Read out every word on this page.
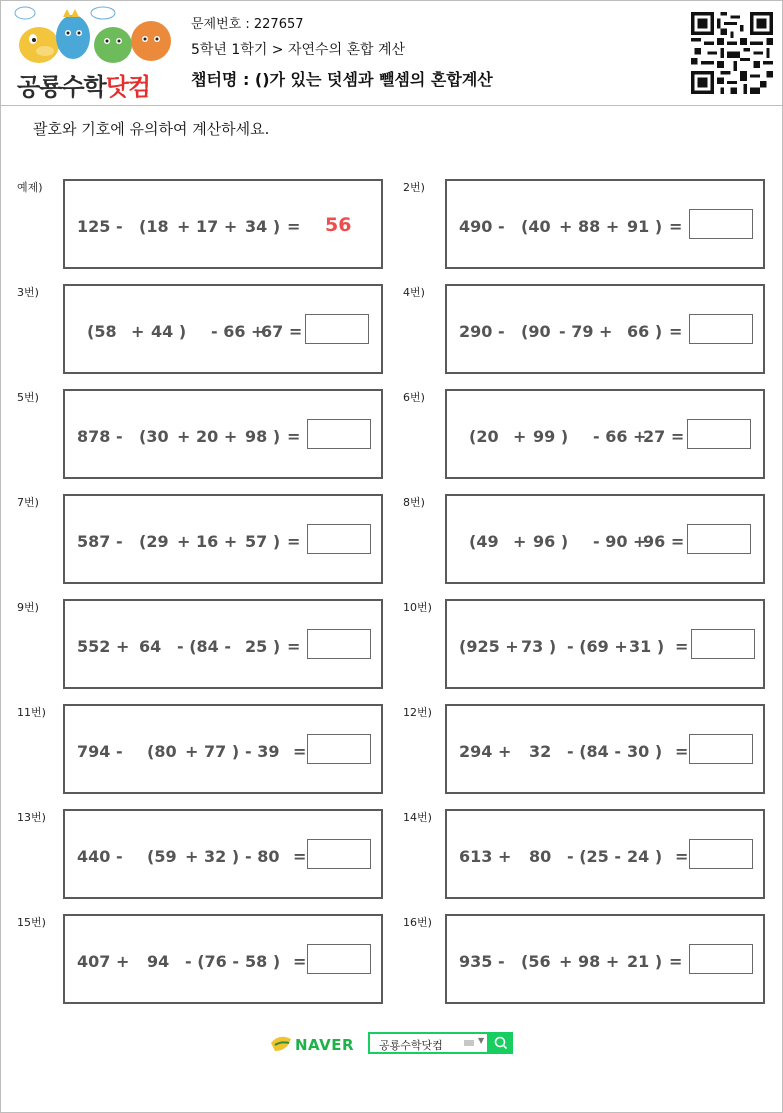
공룡수학닷컴
문제번호 : 227657
5학년 1학기 > 자연수의 혼합 계산
챕터명 : ()가 있는 덧셈과 뺄셈의 혼합계산
괄호와 기호에 유의하여 계산하세요.
예제)
125 - (18 + 17 + 34 ) = 56
2번)
490 - (40 + 88 + 91 ) =
3번)
(58 + 44 ) - 66 +
67 =
4번)
290 - (90 - 79 + 66 ) =
5번)
878 - (30 + 20 + 98 ) =
6번)
(20 + 99 ) - 66 +
27 =
7번)
587 - (29 + 16 + 57 ) =
8번)
(49 + 96 ) - 90 +
96 =
9번)
552 + 64 - (84 - 25 ) =
10번)
(925 + 73 ) - (69 + 31 ) =
11번)
794 - (80 + 77 ) - 39 =
12번)
294 + 32 - (84 - 30 ) =
13번)
440 - (59 + 32 ) - 80 =
14번)
613 + 80 - (25 - 24 ) =
15번)
407 + 94 - (76 - 58 ) =
16번)
935 - (56 + 98 + 21 ) =
NAVER 공룡수학닷컴	▼
